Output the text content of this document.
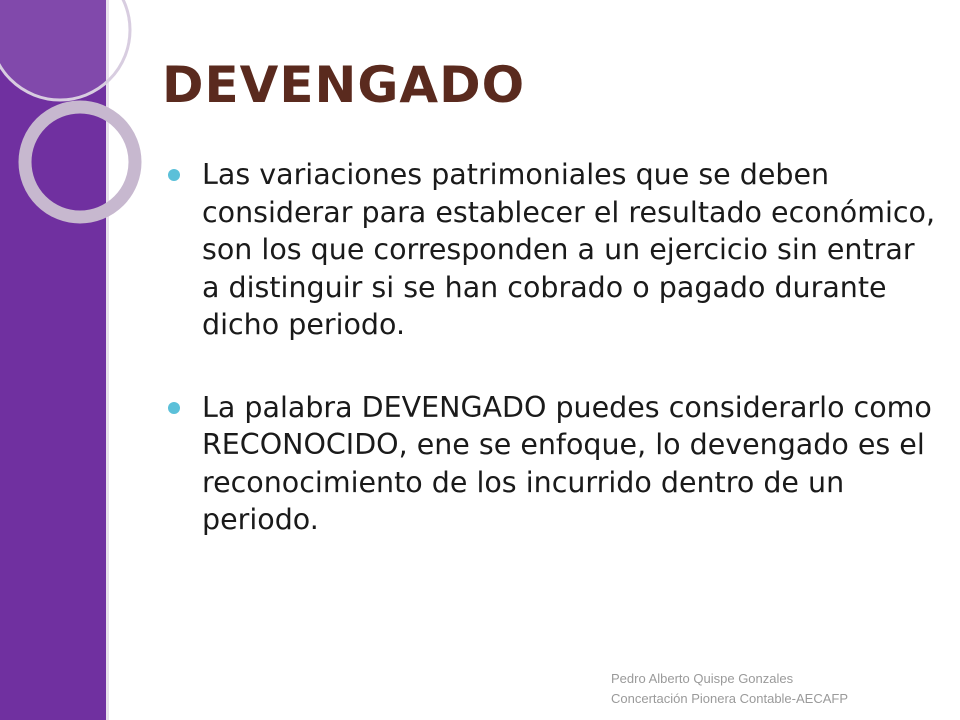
DEVENGADO
Las variaciones patrimoniales que se deben considerar para establecer el resultado económico, son los que corresponden a un ejercicio sin entrar a distinguir si se han cobrado o pagado durante dicho periodo.
La palabra DEVENGADO puedes considerarlo como RECONOCIDO, ene se enfoque, lo devengado es el reconocimiento de los incurrido dentro de un periodo.
Pedro Alberto Quispe Gonzales
Concertación Pionera Contable-AECAFP
